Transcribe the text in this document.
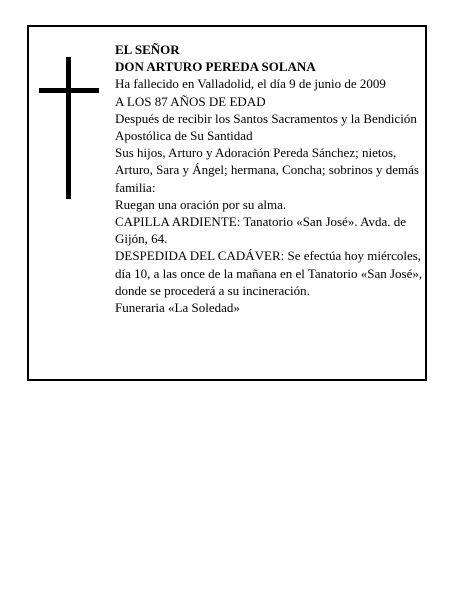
EL SEÑOR

DON ARTURO PEREDA SOLANA

Ha fallecido en Valladolid, el día 9 de junio de 2009

A LOS 87 AÑOS DE EDAD

Después de recibir los Santos Sacramentos y la Bendición Apostólica de Su Santidad

Sus hijos, Arturo y Adoración Pereda Sánchez; nietos, Arturo, Sara y Ángel; hermana, Concha; sobrinos y demás familia:

Ruegan una oración por su alma.

CAPILLA ARDIENTE: Tanatorio «San José». Avda. de Gijón, 64.

DESPEDIDA DEL CADÁVER: Se efectúa hoy miércoles, día 10, a las once de la mañana en el Tanatorio «San José», donde se procederá a su incineración.

Funeraria «La Soledad»
